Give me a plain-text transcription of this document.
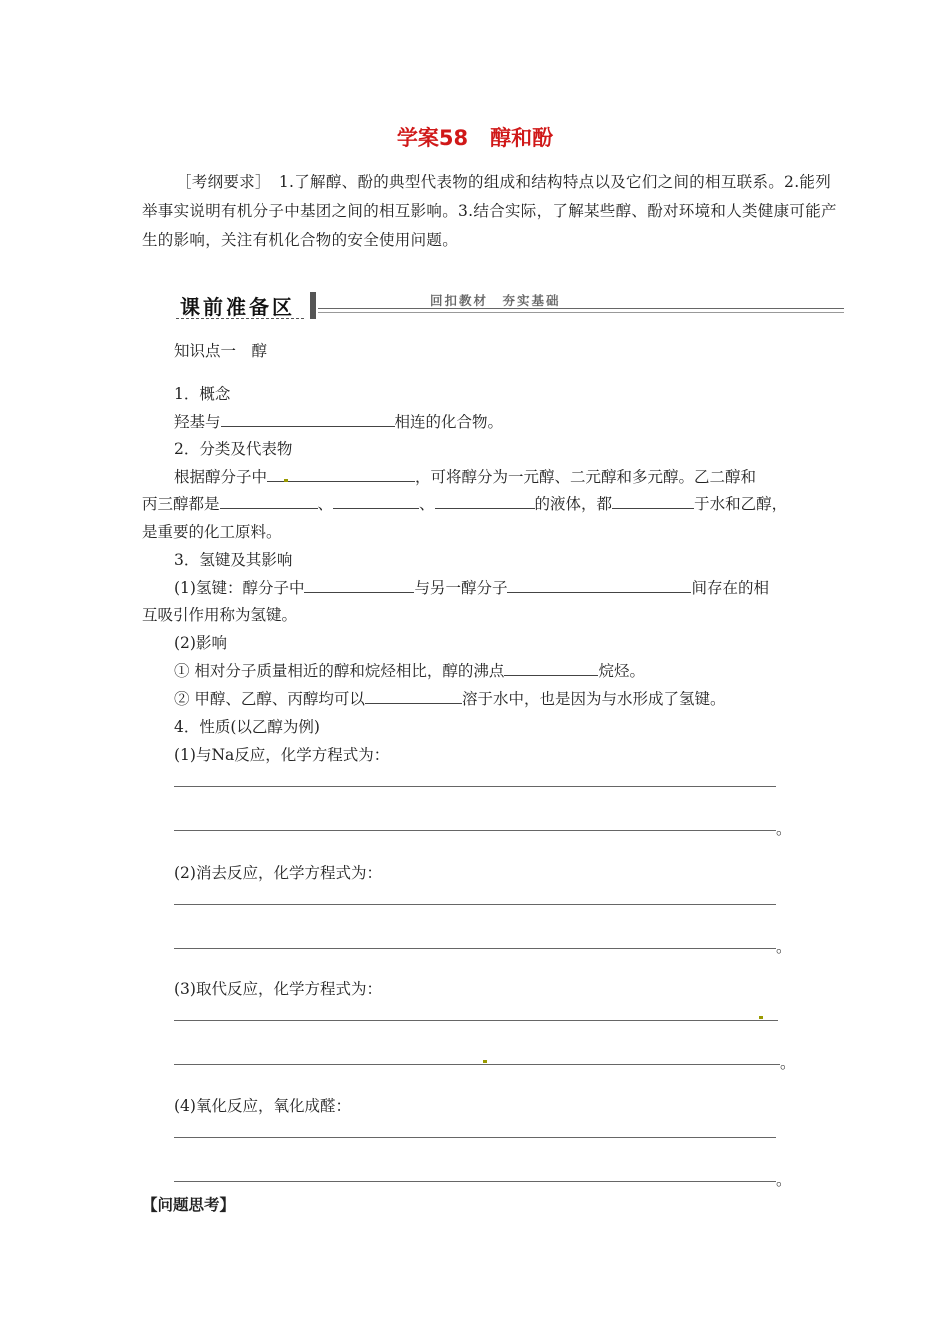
学案58 醇和酚
［考纲要求］　1.了解醇、酚的典型代表物的组成和结构特点以及它们之间的相互联系。2.能列举事实说明有机分子中基团之间的相互影响。3.结合实际，了解某些醇、酚对环境和人类健康可能产生的影响，关注有机化合物的安全使用问题。
课前准备区	回扣教材　夯实基础
知识点一　醇
1．概念
羟基与	相连的化合物。
2．分类及代表物
根据醇分子中	，可将醇分为一元醇、二元醇和多元醇。乙二醇和
丙三醇都是	、	、	的液体，都	于水和乙醇，
是重要的化工原料。
3．氢键及其影响
(1)氢键：醇分子中	与另一醇分子	间存在的相
互吸引作用称为氢键。
(2)影响
① 相对分子质量相近的醇和烷烃相比，醇的沸点	烷烃。
② 甲醇、乙醇、丙醇均可以	溶于水中，也是因为与水形成了氢键。
4．性质(以乙醇为例)
(1)与Na反应，化学方程式为：
。
(2)消去反应，化学方程式为：
。
(3)取代反应，化学方程式为：
。
(4)氧化反应，氧化成醛：
。
【问题思考】
